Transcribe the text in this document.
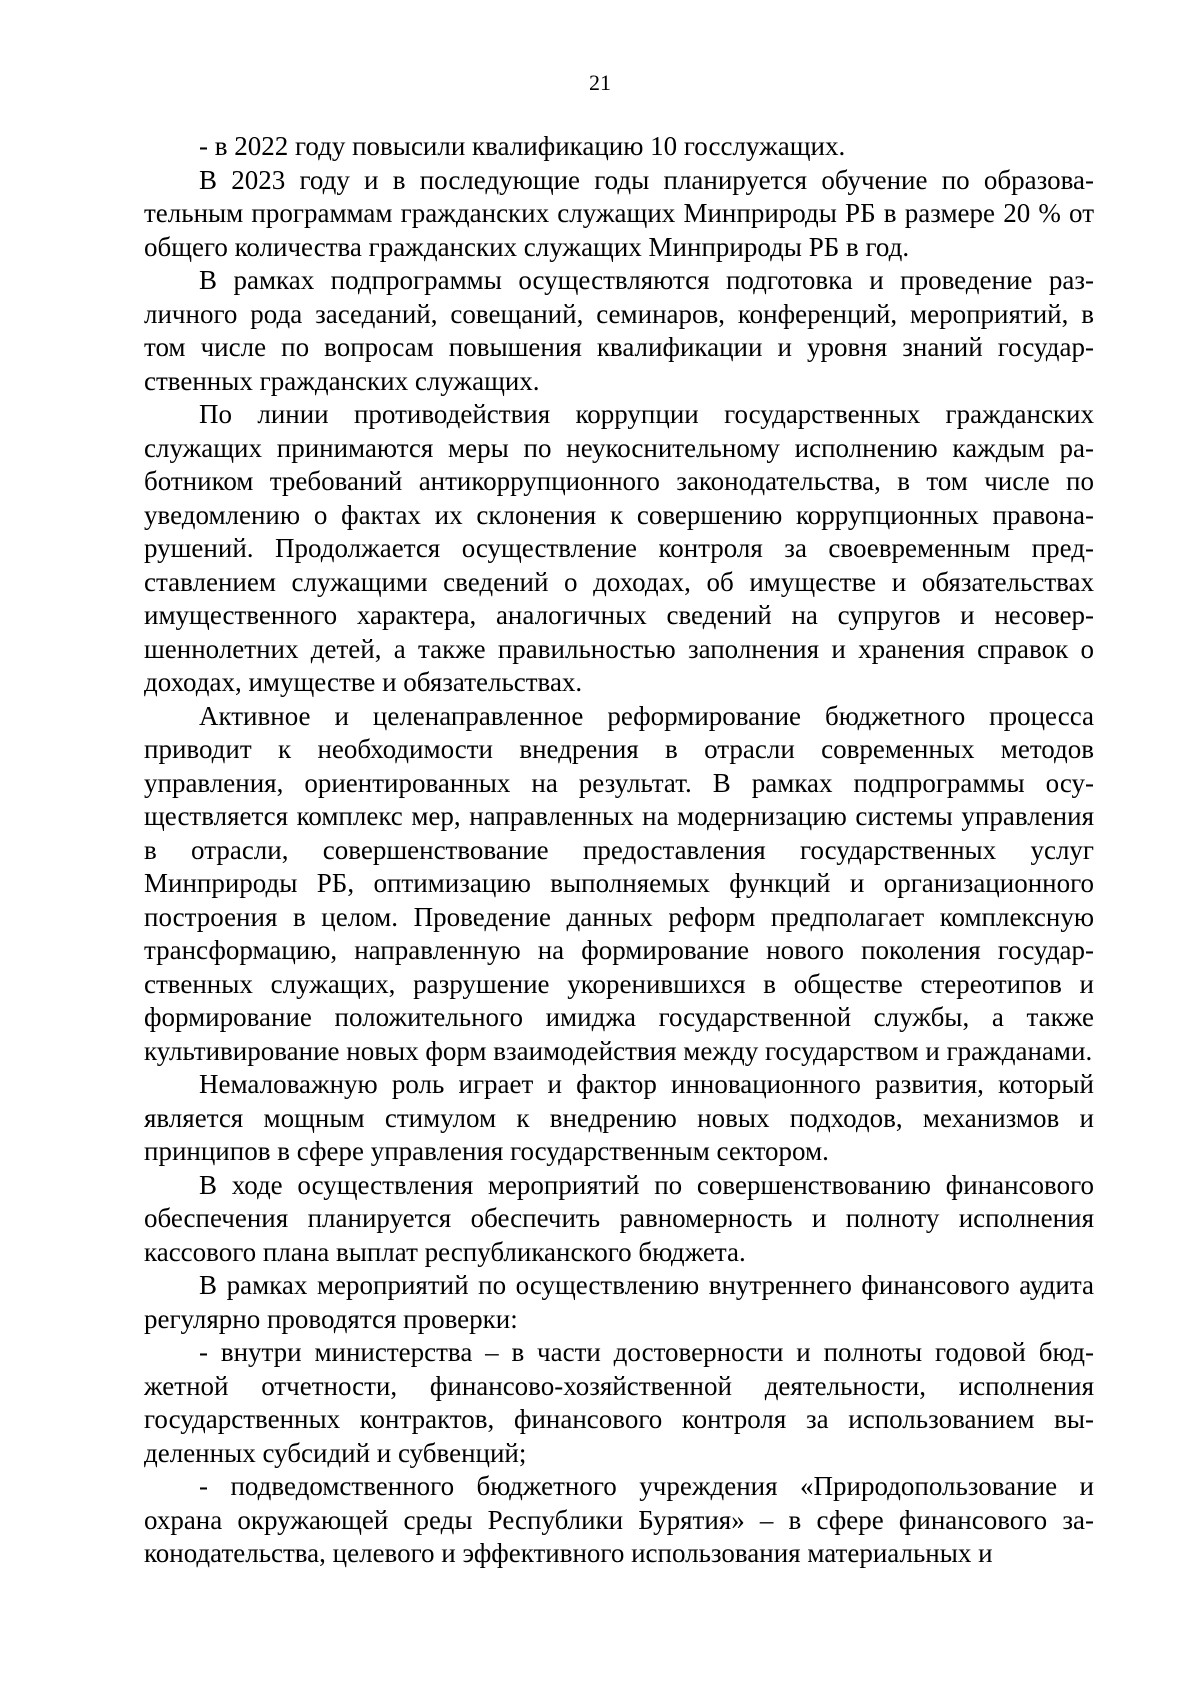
21

- в 2022 году повысили квалификацию 10 госслужащих.

В 2023 году и в последующие годы планируется обучение по образовательным программам гражданских служащих Минприроды РБ в размере 20 % от общего количества гражданских служащих Минприроды РБ в год.

В рамках подпрограммы осуществляются подготовка и проведение различного рода заседаний, совещаний, семинаров, конференций, мероприятий, в том числе по вопросам повышения квалификации и уровня знаний государственных гражданских служащих.

По линии противодействия коррупции государственных гражданских служащих принимаются меры по неукоснительному исполнению каждым работником требований антикоррупционного законодательства, в том числе по уведомлению о фактах их склонения к совершению коррупционных правонарушений. Продолжается осуществление контроля за своевременным представлением служащими сведений о доходах, об имуществе и обязательствах имущественного характера, аналогичных сведений на супругов и несовершеннолетних детей, а также правильностью заполнения и хранения справок о доходах, имуществе и обязательствах.

Активное и целенаправленное реформирование бюджетного процесса приводит к необходимости внедрения в отрасли современных методов управления, ориентированных на результат. В рамках подпрограммы осуществляется комплекс мер, направленных на модернизацию системы управления в отрасли, совершенствование предоставления государственных услуг Минприроды РБ, оптимизацию выполняемых функций и организационного построения в целом. Проведение данных реформ предполагает комплексную трансформацию, направленную на формирование нового поколения государственных служащих, разрушение укоренившихся в обществе стереотипов и формирование положительного имиджа государственной службы, а также культивирование новых форм взаимодействия между государством и гражданами.

Немаловажную роль играет и фактор инновационного развития, который является мощным стимулом к внедрению новых подходов, механизмов и принципов в сфере управления государственным сектором.

В ходе осуществления мероприятий по совершенствованию финансового обеспечения планируется обеспечить равномерность и полноту исполнения кассового плана выплат республиканского бюджета.

В рамках мероприятий по осуществлению внутреннего финансового аудита регулярно проводятся проверки:

- внутри министерства – в части достоверности и полноты годовой бюджетной отчетности, финансово-хозяйственной деятельности, исполнения государственных контрактов, финансового контроля за использованием выделенных субсидий и субвенций;

- подведомственного бюджетного учреждения «Природопользование и охрана окружающей среды Республики Бурятия» – в сфере финансового законодательства, целевого и эффективного использования материальных и
